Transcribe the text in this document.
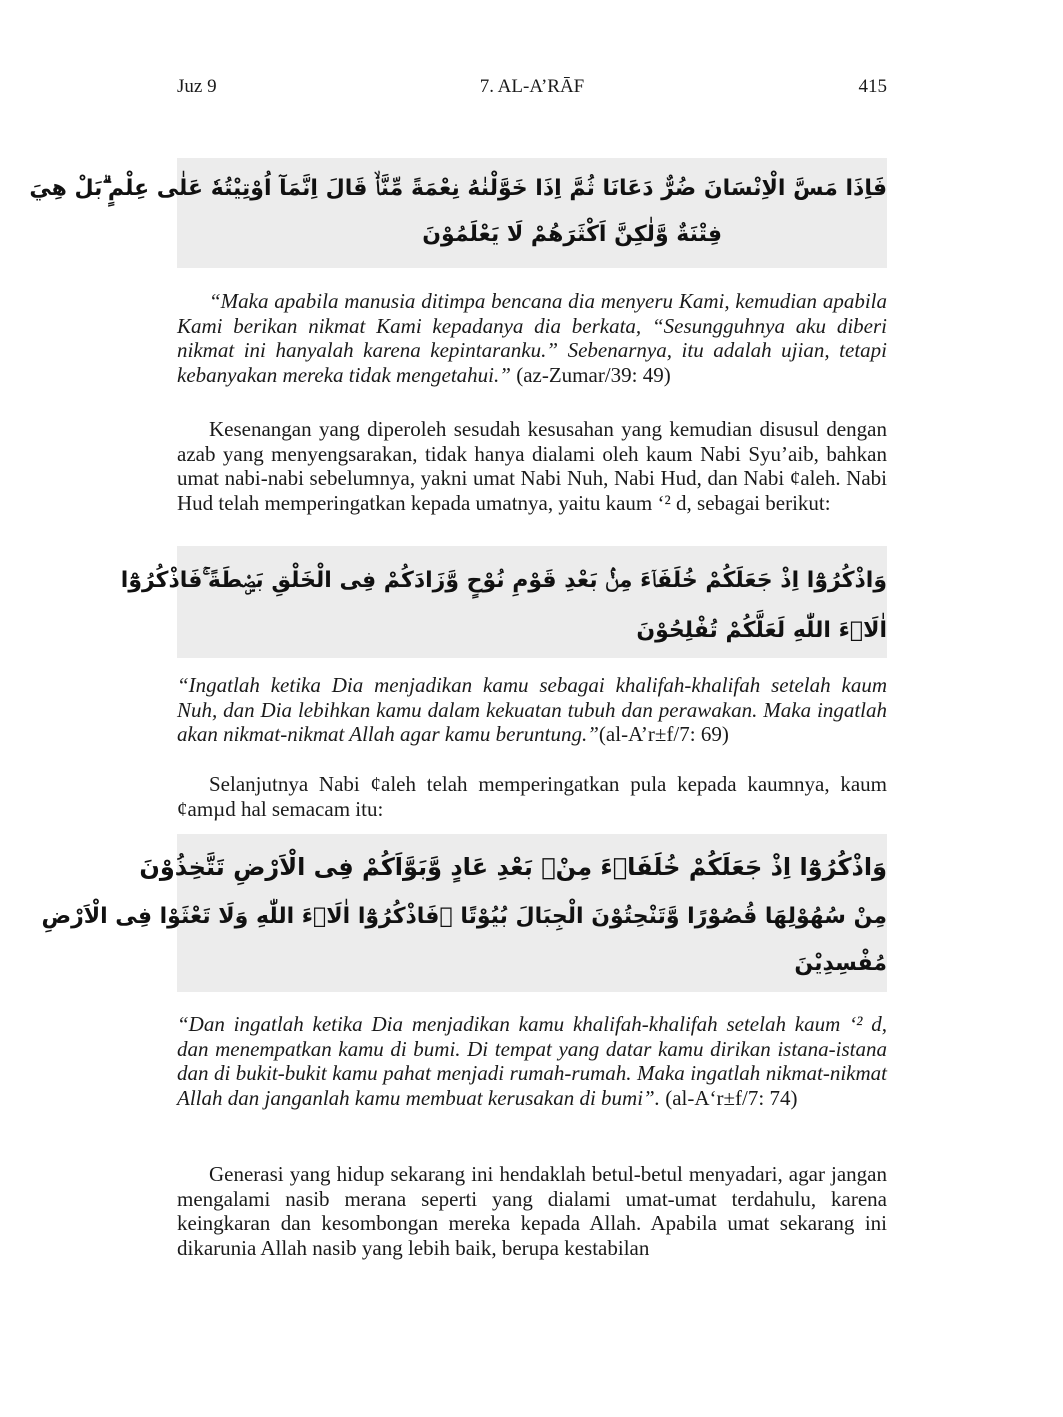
Juz 9	7. AL-A’RĀF	415
فَاِذَا مَسَّ الْاِنْسَانَ ضُرٌّ دَعَانَا ثُمَّ اِذَا خَوَّلْنٰهُ نِعْمَةً مِّنَّاۙ قَالَ اِنَّمَآ اُوْتِيْتُهٗ عَلٰى عِلْمٍ ۗبَلْ هِيَ
فِتْنَةٌ وَّلٰكِنَّ اَكْثَرَهُمْ لَا يَعْلَمُوْنَ

“Maka apabila manusia ditimpa bencana dia menyeru Kami, kemudian apabila Kami berikan nikmat Kami kepadanya dia berkata, “Sesungguhnya aku diberi nikmat ini hanyalah karena kepintaranku.” Sebenarnya, itu adalah ujian, tetapi kebanyakan mereka tidak mengetahui.” (az-Zumar/39: 49)

Kesenangan yang diperoleh sesudah kesusahan yang kemudian disusul dengan azab yang menyengsarakan, tidak hanya dialami oleh kaum Nabi Syu’aib, bahkan umat nabi-nabi sebelumnya, yakni umat Nabi Nuh, Nabi Hud, dan Nabi ¢aleh. Nabi Hud telah memperingatkan kepada umatnya, yaitu kaum ‘² d, sebagai berikut:

وَاذْكُرُوْٓا اِذْ جَعَلَكُمْ خُلَفَاۤءَ مِنْۢ بَعْدِ قَوْمِ نُوْحٍ وَّزَادَكُمْ فِى الْخَلْقِ بَصْۣطَةً ۚفَاذْكُرُوْٓا
اٰلَاۤءَ اللّٰهِ لَعَلَّكُمْ تُفْلِحُوْنَ

“Ingatlah ketika Dia menjadikan kamu sebagai khalifah-khalifah setelah kaum Nuh, dan Dia lebihkan kamu dalam kekuatan tubuh dan perawakan. Maka ingatlah akan nikmat-nikmat Allah agar kamu beruntung.”(al-A’r±f/7: 69)

Selanjutnya Nabi ¢aleh telah memperingatkan pula kepada kaumnya, kaum ¢amµd hal semacam itu:

وَاذْكُرُوْٓا اِذْ جَعَلَكُمْ خُلَفَاۤءَ مِنْۢ بَعْدِ عَادٍ وَّبَوَّاَكُمْ فِى الْاَرْضِ تَتَّخِذُوْنَ
مِنْ سُهُوْلِهَا قُصُوْرًا وَّتَنْحِتُوْنَ الْجِبَالَ بُيُوْتًا ۚفَاذْكُرُوْٓا اٰلَاۤءَ اللّٰهِ وَلَا تَعْثَوْا فِى الْاَرْضِ
مُفْسِدِيْنَ

“Dan ingatlah ketika Dia menjadikan kamu khalifah-khalifah setelah kaum ‘² d, dan menempatkan kamu di bumi. Di tempat yang datar kamu dirikan istana-istana dan di bukit-bukit kamu pahat menjadi rumah-rumah. Maka ingatlah nikmat-nikmat Allah dan janganlah kamu membuat kerusakan di bumi”. (al-A‘r±f/7: 74)

Generasi yang hidup sekarang ini hendaklah betul-betul menyadari, agar jangan mengalami nasib merana seperti yang dialami umat-umat terdahulu, karena keingkaran dan kesombongan mereka kepada Allah. Apabila umat sekarang ini dikarunia Allah nasib yang lebih baik, berupa kestabilan
